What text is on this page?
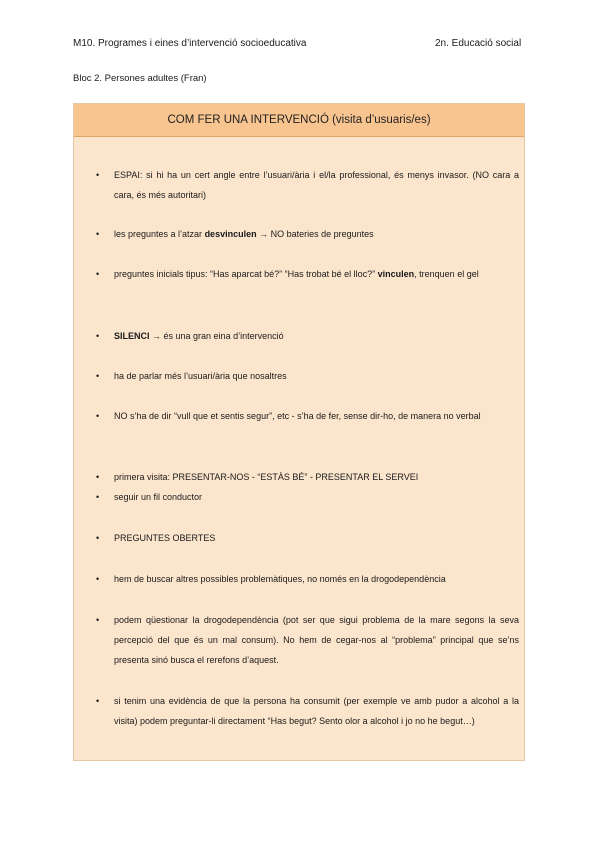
M10. Programes i eines d’intervenció socioeducativa	2n. Educació social
Bloc 2. Persones adultes (Fran)
COM FER UNA INTERVENCIÓ (visita d’usuaris/es)
• ESPAI: si hi ha un cert angle entre l’usuari/ària i el/la professional, és menys invasor. (NO cara a cara, és més autoritari)
• les preguntes a l’atzar desvinculen → NO bateries de preguntes
• preguntes inicials tipus: “Has aparcat bé?” “Has trobat bé el lloc?” vinculen, trenquen el gel
• SILENCI → és una gran eina d’intervenció
• ha de parlar més l’usuari/ària que nosaltres
• NO s’ha de dir “vull que et sentis segur”, etc - s’ha de fer, sense dir-ho, de manera no verbal
• primera visita: PRESENTAR-NOS - “ESTÀS BÉ” - PRESENTAR EL SERVEI
• seguir un fil conductor
• PREGUNTES OBERTES
• hem de buscar altres possibles problemàtiques, no només en la drogodependència
• podem qüestionar la drogodependència (pot ser que sigui problema de la mare segons la seva percepció del que és un mal consum). No hem de cegar-nos al “problema” principal que se’ns presenta sinó busca el rerefons d’aquest.
• si tenim una evidència de que la persona ha consumit (per exemple ve amb pudor a alcohol a la visita) podem preguntar-li directament “Has begut? Sento olor a alcohol i jo no he begut…)
